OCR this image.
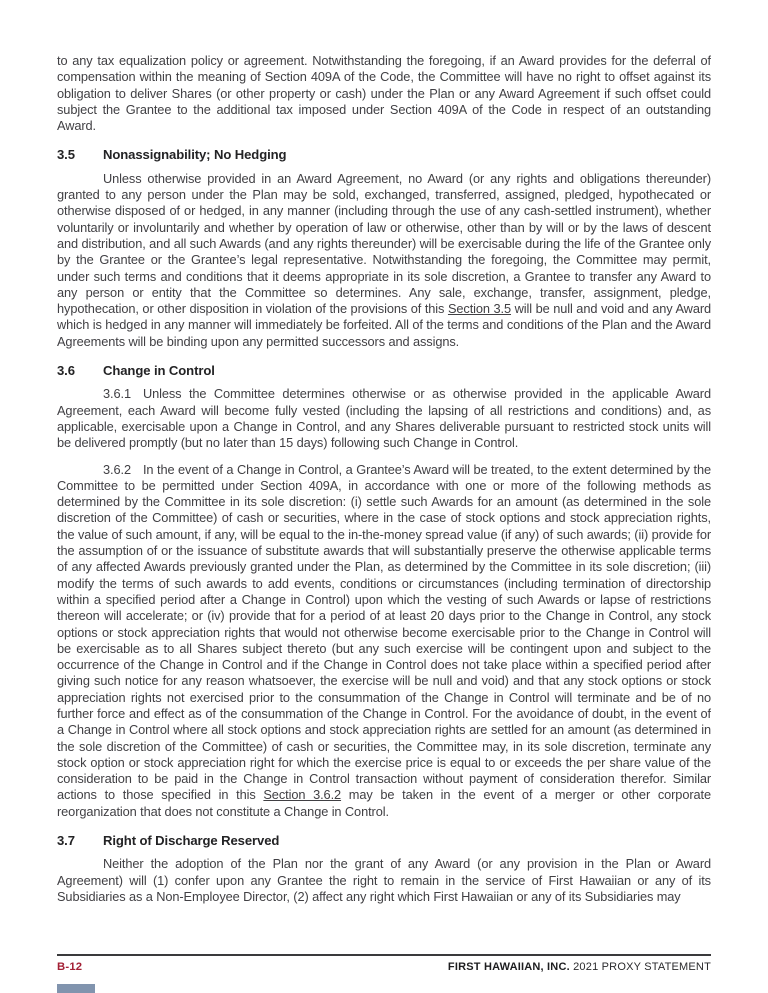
to any tax equalization policy or agreement. Notwithstanding the foregoing, if an Award provides for the deferral of compensation within the meaning of Section 409A of the Code, the Committee will have no right to offset against its obligation to deliver Shares (or other property or cash) under the Plan or any Award Agreement if such offset could subject the Grantee to the additional tax imposed under Section 409A of the Code in respect of an outstanding Award.

3.5 Nonassignability; No Hedging

Unless otherwise provided in an Award Agreement, no Award (or any rights and obligations thereunder) granted to any person under the Plan may be sold, exchanged, transferred, assigned, pledged, hypothecated or otherwise disposed of or hedged, in any manner (including through the use of any cash-settled instrument), whether voluntarily or involuntarily and whether by operation of law or otherwise, other than by will or by the laws of descent and distribution, and all such Awards (and any rights thereunder) will be exercisable during the life of the Grantee only by the Grantee or the Grantee’s legal representative. Notwithstanding the foregoing, the Committee may permit, under such terms and conditions that it deems appropriate in its sole discretion, a Grantee to transfer any Award to any person or entity that the Committee so determines. Any sale, exchange, transfer, assignment, pledge, hypothecation, or other disposition in violation of the provisions of this Section 3.5 will be null and void and any Award which is hedged in any manner will immediately be forfeited. All of the terms and conditions of the Plan and the Award Agreements will be binding upon any permitted successors and assigns.

3.6 Change in Control

3.6.1 Unless the Committee determines otherwise or as otherwise provided in the applicable Award Agreement, each Award will become fully vested (including the lapsing of all restrictions and conditions) and, as applicable, exercisable upon a Change in Control, and any Shares deliverable pursuant to restricted stock units will be delivered promptly (but no later than 15 days) following such Change in Control.

3.6.2 In the event of a Change in Control, a Grantee’s Award will be treated, to the extent determined by the Committee to be permitted under Section 409A, in accordance with one or more of the following methods as determined by the Committee in its sole discretion: (i) settle such Awards for an amount (as determined in the sole discretion of the Committee) of cash or securities, where in the case of stock options and stock appreciation rights, the value of such amount, if any, will be equal to the in-the-money spread value (if any) of such awards; (ii) provide for the assumption of or the issuance of substitute awards that will substantially preserve the otherwise applicable terms of any affected Awards previously granted under the Plan, as determined by the Committee in its sole discretion; (iii) modify the terms of such awards to add events, conditions or circumstances (including termination of directorship within a specified period after a Change in Control) upon which the vesting of such Awards or lapse of restrictions thereon will accelerate; or (iv) provide that for a period of at least 20 days prior to the Change in Control, any stock options or stock appreciation rights that would not otherwise become exercisable prior to the Change in Control will be exercisable as to all Shares subject thereto (but any such exercise will be contingent upon and subject to the occurrence of the Change in Control and if the Change in Control does not take place within a specified period after giving such notice for any reason whatsoever, the exercise will be null and void) and that any stock options or stock appreciation rights not exercised prior to the consummation of the Change in Control will terminate and be of no further force and effect as of the consummation of the Change in Control. For the avoidance of doubt, in the event of a Change in Control where all stock options and stock appreciation rights are settled for an amount (as determined in the sole discretion of the Committee) of cash or securities, the Committee may, in its sole discretion, terminate any stock option or stock appreciation right for which the exercise price is equal to or exceeds the per share value of the consideration to be paid in the Change in Control transaction without payment of consideration therefor. Similar actions to those specified in this Section 3.6.2 may be taken in the event of a merger or other corporate reorganization that does not constitute a Change in Control.

3.7 Right of Discharge Reserved

Neither the adoption of the Plan nor the grant of any Award (or any provision in the Plan or Award Agreement) will (1) confer upon any Grantee the right to remain in the service of First Hawaiian or any of its Subsidiaries as a Non-Employee Director, (2) affect any right which First Hawaiian or any of its Subsidiaries may

B-12	FIRST HAWAIIAN, INC. 2021 PROXY STATEMENT
